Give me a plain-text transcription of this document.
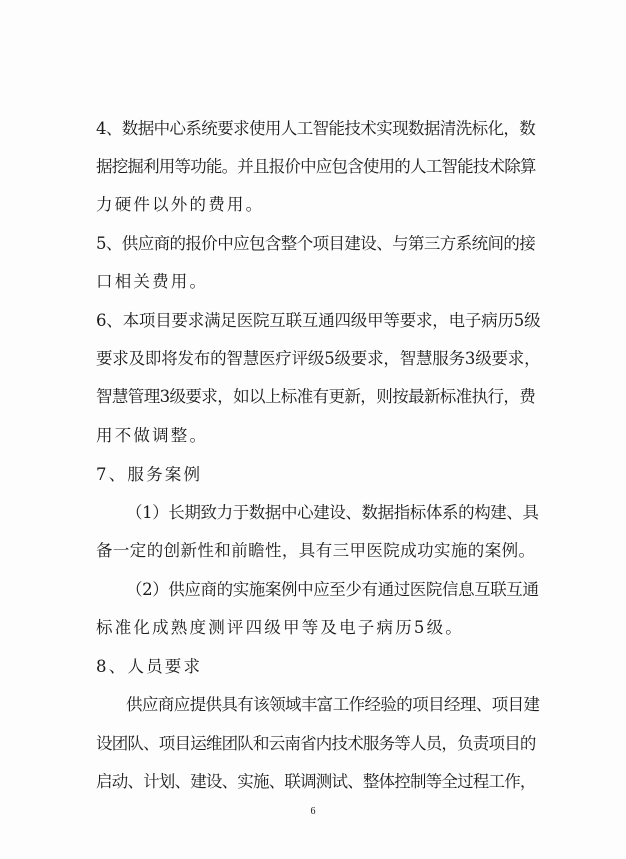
4、数据中心系统要求使用人工智能技术实现数据清洗标化，数
据挖掘利用等功能。并且报价中应包含使用的人工智能技术除算
力硬件以外的费用。
5、供应商的报价中应包含整个项目建设、与第三方系统间的接
口相关费用。
6、本项目要求满足医院互联互通四级甲等要求，电子病历5级
要求及即将发布的智慧医疗评级5级要求，智慧服务3级要求，
智慧管理3级要求，如以上标准有更新，则按最新标准执行，费
用不做调整。
7、服务案例
（1）长期致力于数据中心建设、数据指标体系的构建、具
备一定的创新性和前瞻性，具有三甲医院成功实施的案例。
（2）供应商的实施案例中应至少有通过医院信息互联互通
标准化成熟度测评四级甲等及电子病历5级。
8、人员要求
供应商应提供具有该领域丰富工作经验的项目经理、项目建
设团队、项目运维团队和云南省内技术服务等人员，负责项目的
启动、计划、建设、实施、联调测试、整体控制等全过程工作，
6
